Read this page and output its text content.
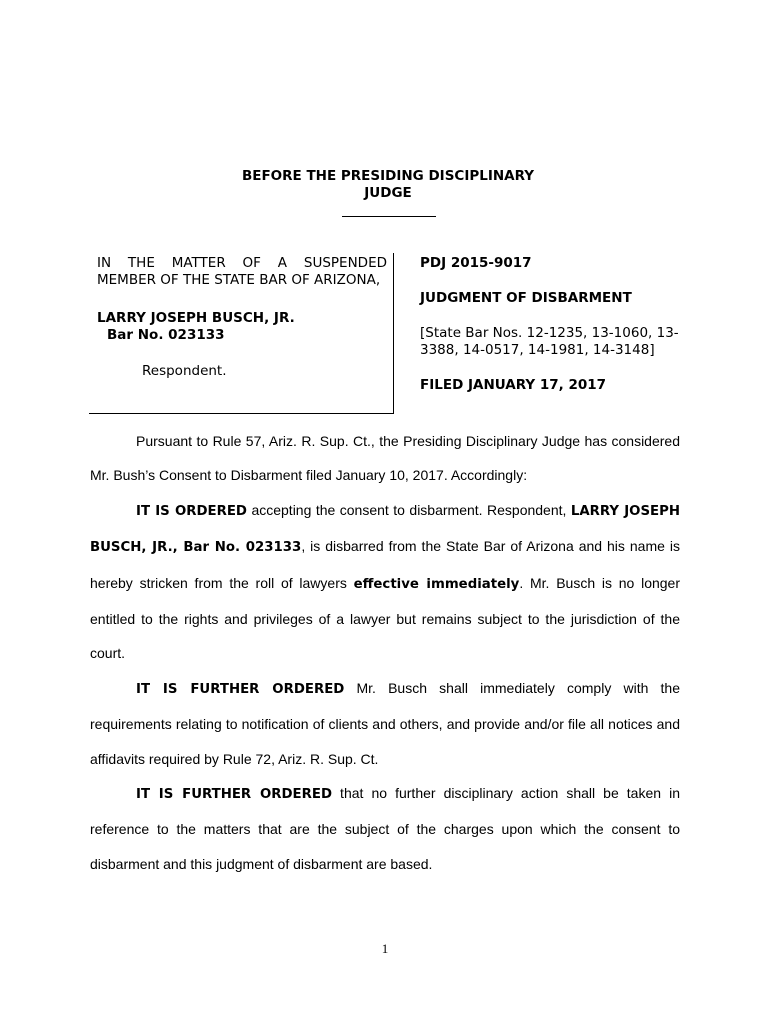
BEFORE THE PRESIDING DISCIPLINARY
JUDGE
IN THE MATTER OF A SUSPENDED MEMBER OF THE STATE BAR OF ARIZONA,
LARRY JOSEPH BUSCH, JR.
Bar No. 023133
Respondent.
PDJ 2015-9017
JUDGMENT OF DISBARMENT
[State Bar Nos. 12-1235, 13-1060, 13-3388, 14-0517, 14-1981, 14-3148]
FILED JANUARY 17, 2017

Pursuant to Rule 57, Ariz. R. Sup. Ct., the Presiding Disciplinary Judge has considered Mr. Bush’s Consent to Disbarment filed January 10, 2017. Accordingly:

IT IS ORDERED accepting the consent to disbarment. Respondent, LARRY JOSEPH BUSCH, JR., Bar No. 023133, is disbarred from the State Bar of Arizona and his name is hereby stricken from the roll of lawyers effective immediately. Mr. Busch is no longer entitled to the rights and privileges of a lawyer but remains subject to the jurisdiction of the court.

IT IS FURTHER ORDERED Mr. Busch shall immediately comply with the requirements relating to notification of clients and others, and provide and/or file all notices and affidavits required by Rule 72, Ariz. R. Sup. Ct.

IT IS FURTHER ORDERED that no further disciplinary action shall be taken in reference to the matters that are the subject of the charges upon which the consent to disbarment and this judgment of disbarment are based.

1
